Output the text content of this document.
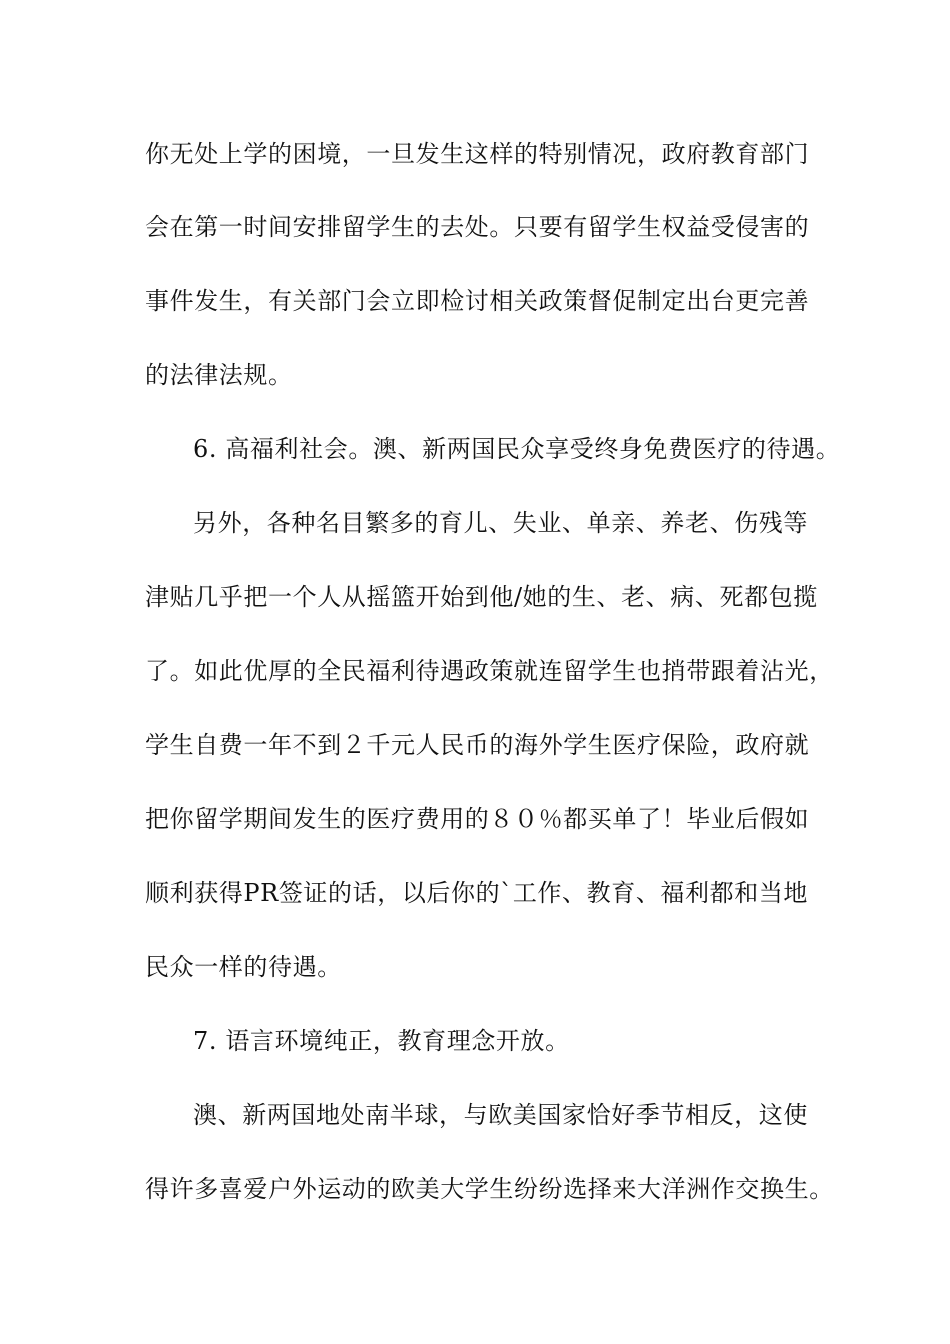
你无处上学的困境，一旦发生这样的特别情况，政府教育部门
会在第一时间安排留学生的去处。只要有留学生权益受侵害的
事件发生，有关部门会立即检讨相关政策督促制定出台更完善
的法律法规。
6. 高福利社会。澳、新两国民众享受终身免费医疗的待遇。
另外，各种名目繁多的育儿、失业、单亲、养老、伤残等
津贴几乎把一个人从摇篮开始到他/她的生、老、病、死都包揽
了。如此优厚的全民福利待遇政策就连留学生也捎带跟着沾光，
学生自费一年不到２千元人民币的海外学生医疗保险，政府就
把你留学期间发生的医疗费用的８０％都买单了！毕业后假如
顺利获得PR签证的话，以后你的`工作、教育、福利都和当地
民众一样的待遇。
7. 语言环境纯正，教育理念开放。
澳、新两国地处南半球，与欧美国家恰好季节相反，这使
得许多喜爱户外运动的欧美大学生纷纷选择来大洋洲作交换生。
